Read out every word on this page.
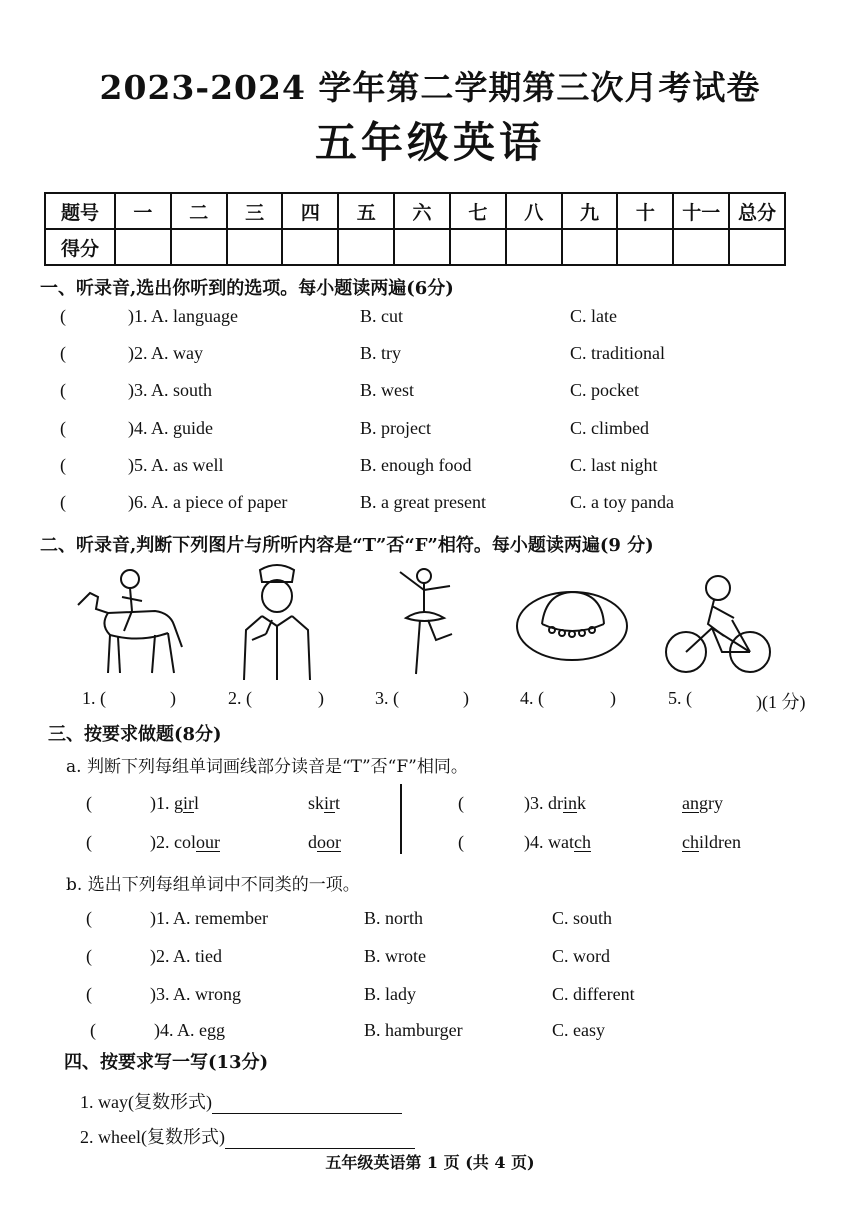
2023-2024 学年第二学期第三次月考试卷
五年级英语
题号	一	二	三	四	五	六	七	八	九	十	十一	总分
得分												
一、听录音,选出你听到的选项。每小题读两遍(6分)
(	)1. A. language	B. cut	C. late
(	)2. A. way	B. try	C. traditional
(	)3. A. south	B. west	C. pocket
(	)4. A. guide	B. project	C. climbed
(	)5. A. as well	B. enough food	C. last night
(	)6. A. a piece of paper	B. a great present	C. a toy panda
二、听录音,判断下列图片与所听内容是“T”否“F”相符。每小题读两遍(9 分)
1. (	)	2. (	)	3. (	)	4. (	)	5. (	)(1 分)
三、按要求做题(8分)
a. 判断下列每组单词画线部分读音是“T”否“F”相同。
(	)1. girl	skirt
(	)2. colour	door
(	)3. drink	angry
(	)4. watch	children
b. 选出下列每组单词中不同类的一项。
(	)1. A. remember	B. north	C. south
(	)2. A. tied	B. wrote	C. word
(	)3. A. wrong	B. lady	C. different
(	)4. A. egg	B. hamburger	C. easy
四、按要求写一写(13分)
1. way(复数形式)
2. wheel(复数形式)
五年级英语第 1 页 (共 4 页)
